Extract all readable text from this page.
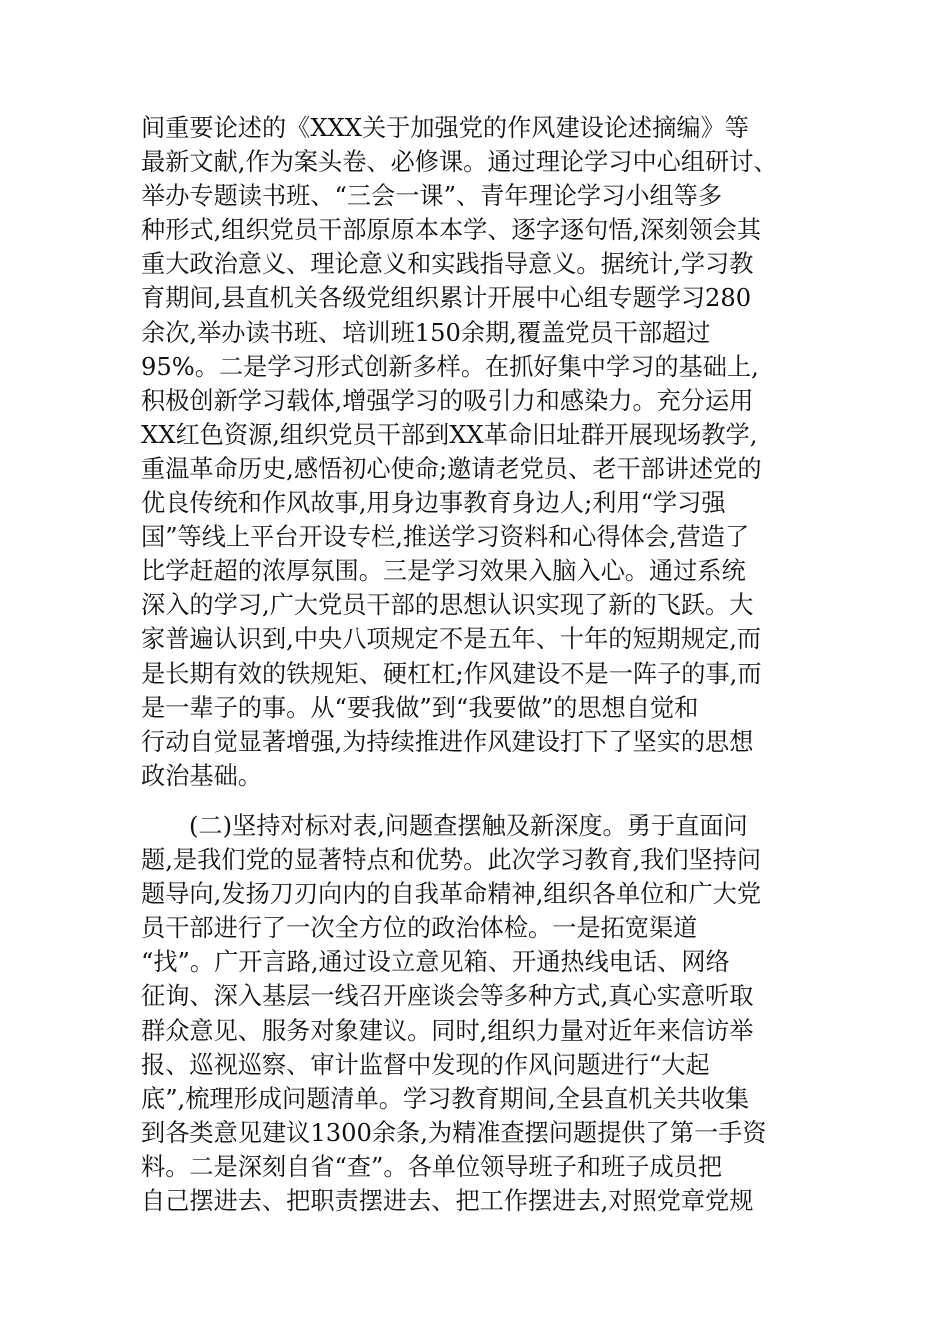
间重要论述的《XXX关于加强党的作风建设论述摘编》等
最新文献,作为案头卷、必修课。通过理论学习中心组研讨、
举办专题读书班、“三会一课”、青年理论学习小组等多
种形式,组织党员干部原原本本学、逐字逐句悟,深刻领会其
重大政治意义、理论意义和实践指导意义。据统计,学习教
育期间,县直机关各级党组织累计开展中心组专题学习280
余次,举办读书班、培训班150余期,覆盖党员干部超过
95%。二是学习形式创新多样。在抓好集中学习的基础上,
积极创新学习载体,增强学习的吸引力和感染力。充分运用
XX红色资源,组织党员干部到XX革命旧址群开展现场教学,
重温革命历史,感悟初心使命;邀请老党员、老干部讲述党的
优良传统和作风故事,用身边事教育身边人;利用“学习强
国”等线上平台开设专栏,推送学习资料和心得体会,营造了
比学赶超的浓厚氛围。三是学习效果入脑入心。通过系统
深入的学习,广大党员干部的思想认识实现了新的飞跃。大
家普遍认识到,中央八项规定不是五年、十年的短期规定,而
是长期有效的铁规矩、硬杠杠;作风建设不是一阵子的事,而
是一辈子的事。从“要我做”到“我要做”的思想自觉和
行动自觉显著增强,为持续推进作风建设打下了坚实的思想
政治基础。
(二)坚持对标对表,问题查摆触及新深度。勇于直面问
题,是我们党的显著特点和优势。此次学习教育,我们坚持问
题导向,发扬刀刃向内的自我革命精神,组织各单位和广大党
员干部进行了一次全方位的政治体检。一是拓宽渠道
“找”。广开言路,通过设立意见箱、开通热线电话、网络
征询、深入基层一线召开座谈会等多种方式,真心实意听取
群众意见、服务对象建议。同时,组织力量对近年来信访举
报、巡视巡察、审计监督中发现的作风问题进行“大起
底”,梳理形成问题清单。学习教育期间,全县直机关共收集
到各类意见建议1300余条,为精准查摆问题提供了第一手资
料。二是深刻自省“查”。各单位领导班子和班子成员把
自己摆进去、把职责摆进去、把工作摆进去,对照党章党规
